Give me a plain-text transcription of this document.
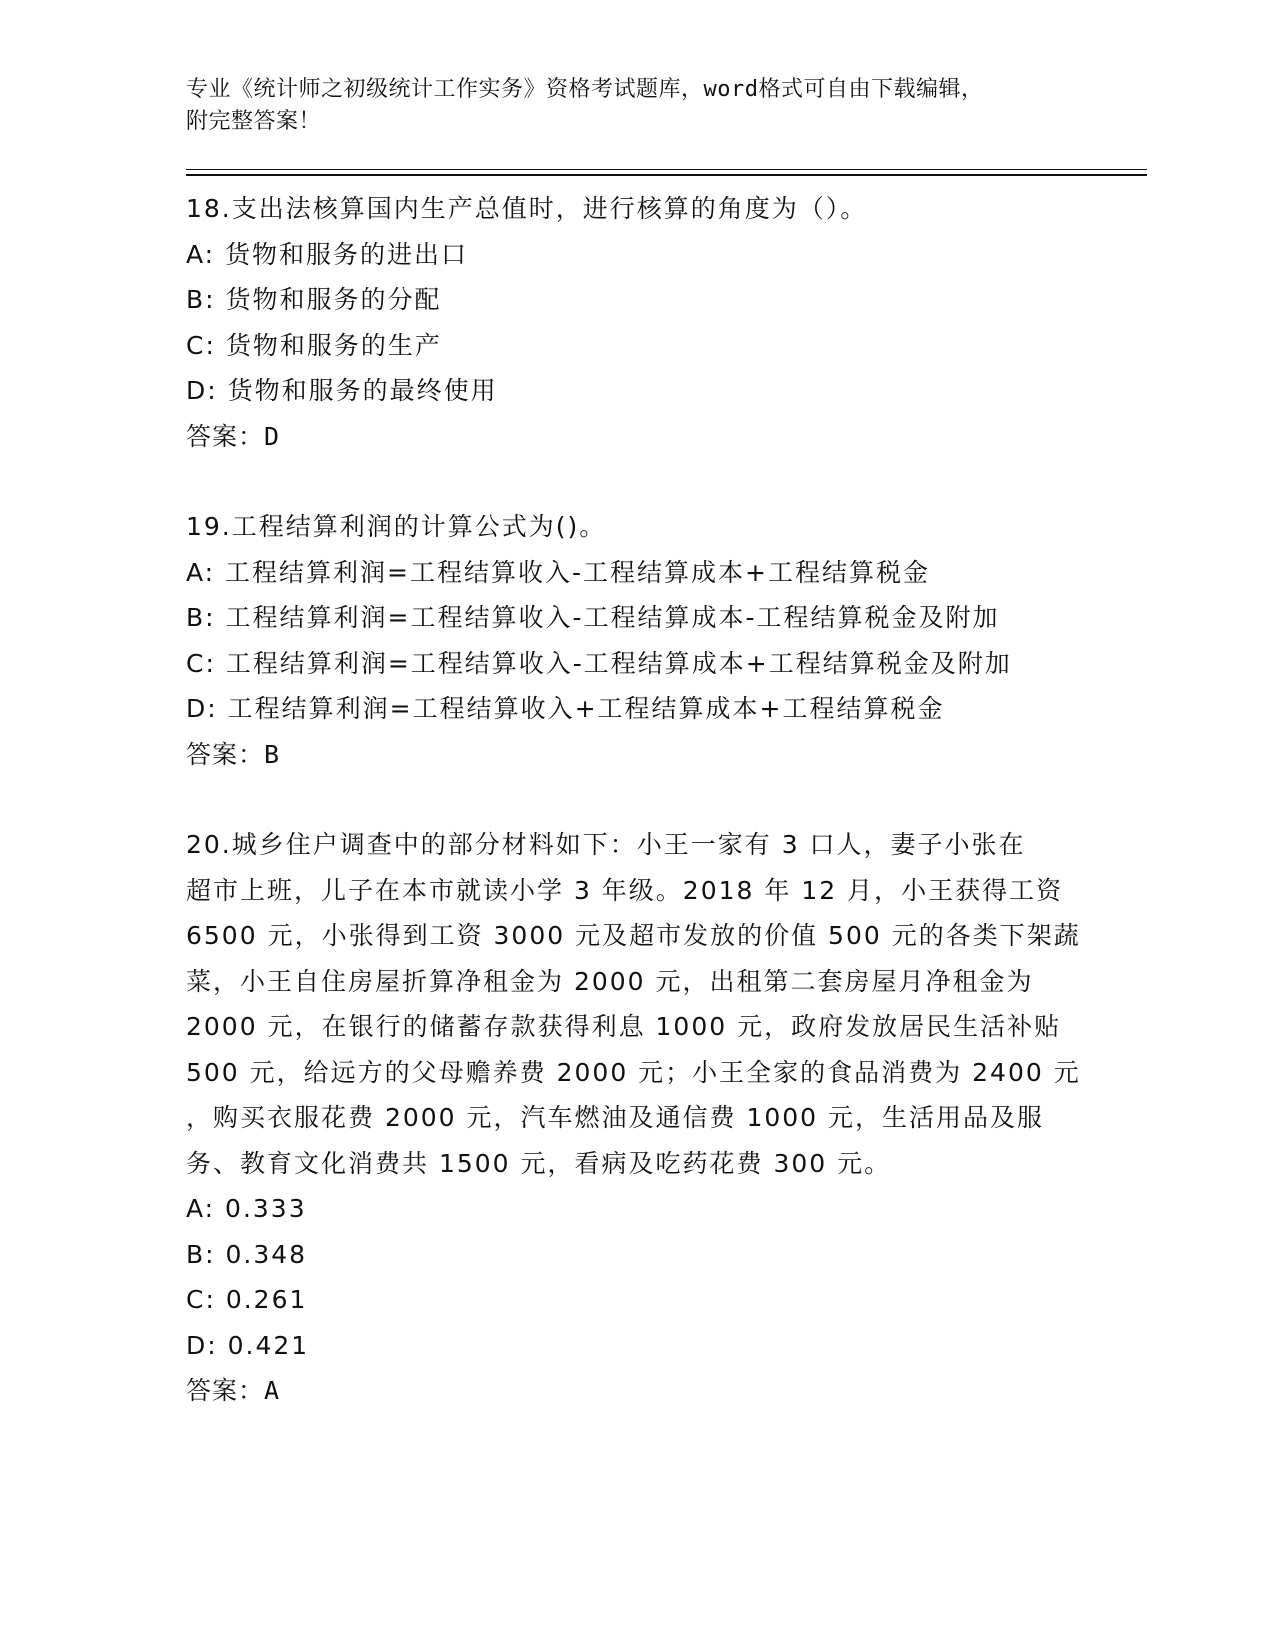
专业《统计师之初级统计工作实务》资格考试题库，word格式可自由下载编辑，
附完整答案！
18.支出法核算国内生产总值时，进行核算的角度为（）。
A: 货物和服务的进出口
B: 货物和服务的分配
C: 货物和服务的生产
D: 货物和服务的最终使用
答案：D
19.工程结算利润的计算公式为()。
A: 工程结算利润=工程结算收入-工程结算成本+工程结算税金
B: 工程结算利润=工程结算收入-工程结算成本-工程结算税金及附加
C: 工程结算利润=工程结算收入-工程结算成本+工程结算税金及附加
D: 工程结算利润=工程结算收入+工程结算成本+工程结算税金
答案：B
20.城乡住户调查中的部分材料如下：小王一家有 3 口人，妻子小张在
超市上班，儿子在本市就读小学 3 年级。2018 年 12 月，小王获得工资
6500 元，小张得到工资 3000 元及超市发放的价值 500 元的各类下架蔬
菜，小王自住房屋折算净租金为 2000 元，出租第二套房屋月净租金为
2000 元，在银行的储蓄存款获得利息 1000 元，政府发放居民生活补贴
500 元，给远方的父母赡养费 2000 元；小王全家的食品消费为 2400 元
，购买衣服花费 2000 元，汽车燃油及通信费 1000 元，生活用品及服
务、教育文化消费共 1500 元，看病及吃药花费 300 元。
A: 0.333
B: 0.348
C: 0.261
D: 0.421
答案：A
